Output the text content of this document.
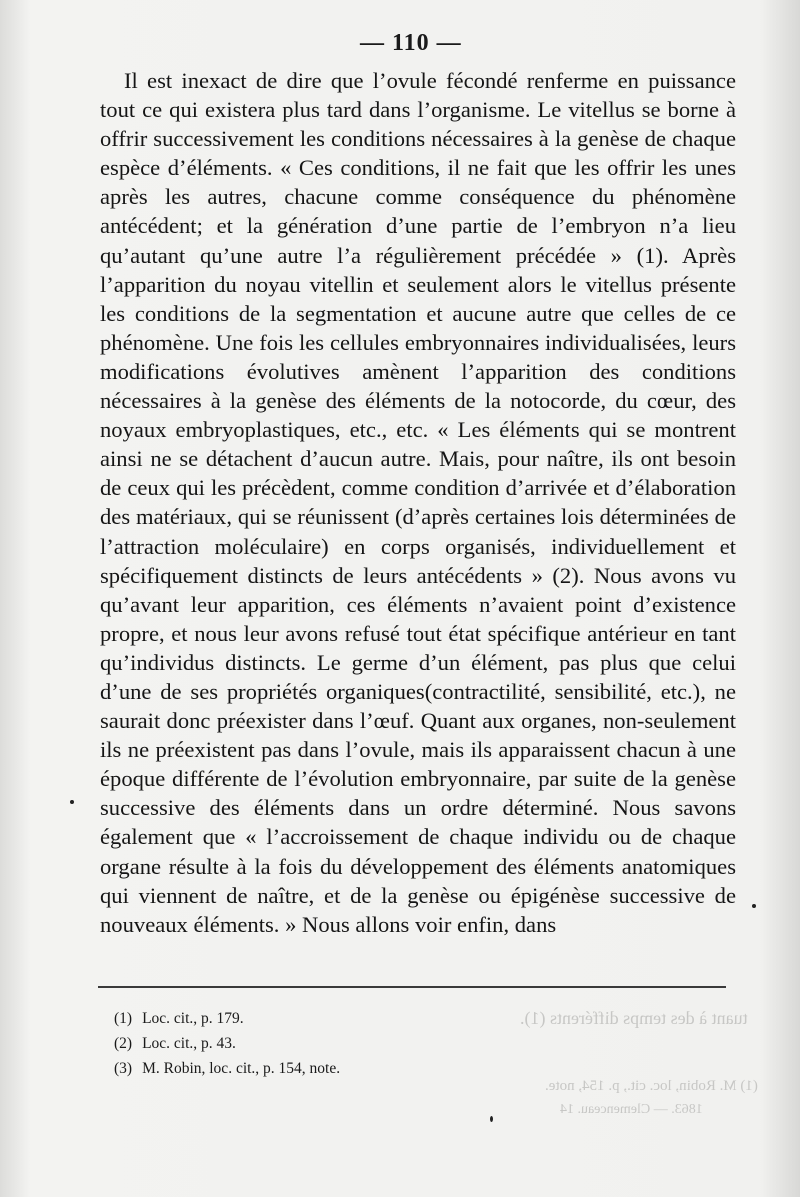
— 110 —

Il est inexact de dire que l’ovule fécondé renferme en puissance tout ce qui existera plus tard dans l’organisme. Le vitellus se borne à offrir successivement les conditions nécessaires à la genèse de chaque espèce d’éléments. « Ces conditions, il ne fait que les offrir les unes après les autres, chacune comme conséquence du phénomène antécédent; et la génération d’une partie de l’embryon n’a lieu qu’autant qu’une autre l’a régulièrement précédée » (1). Après l’apparition du noyau vitellin et seulement alors le vitellus présente les conditions de la segmentation et aucune autre que celles de ce phénomène. Une fois les cellules embryonnaires individualisées, leurs modifications évolutives amènent l’apparition des conditions nécessaires à la genèse des éléments de la notocorde, du cœur, des noyaux embryoplastiques, etc., etc. « Les éléments qui se montrent ainsi ne se détachent d’aucun autre. Mais, pour naître, ils ont besoin de ceux qui les précèdent, comme condition d’arrivée et d’élaboration des matériaux, qui se réunissent (d’après certaines lois déterminées de l’attraction moléculaire) en corps organisés, individuellement et spécifiquement distincts de leurs antécédents » (2). Nous avons vu qu’avant leur apparition, ces éléments n’avaient point d’existence propre, et nous leur avons refusé tout état spécifique antérieur en tant qu’individus distincts. Le germe d’un élément, pas plus que celui d’une de ses propriétés organiques(contractilité, sensibilité, etc.), ne saurait donc préexister dans l’œuf. Quant aux organes, non-seulement ils ne préexistent pas dans l’ovule, mais ils apparaissent chacun à une époque différente de l’évolution embryonnaire, par suite de la genèse successive des éléments dans un ordre déterminé. Nous savons également que « l’accroissement de chaque individu ou de chaque organe résulte à la fois du développement des éléments anatomiques qui viennent de naître, et de la genèse ou épigénèse successive de nouveaux éléments. » Nous allons voir enfin, dans

(1) Loc. cit., p. 179.

(2) Loc. cit., p. 43.

(3) M. Robin, loc. cit., p. 154, note.

tuant à des temps différents (1).
(1) M. Robin, loc. cit., p. 154, note.
1863. — Clemenceau. 14
